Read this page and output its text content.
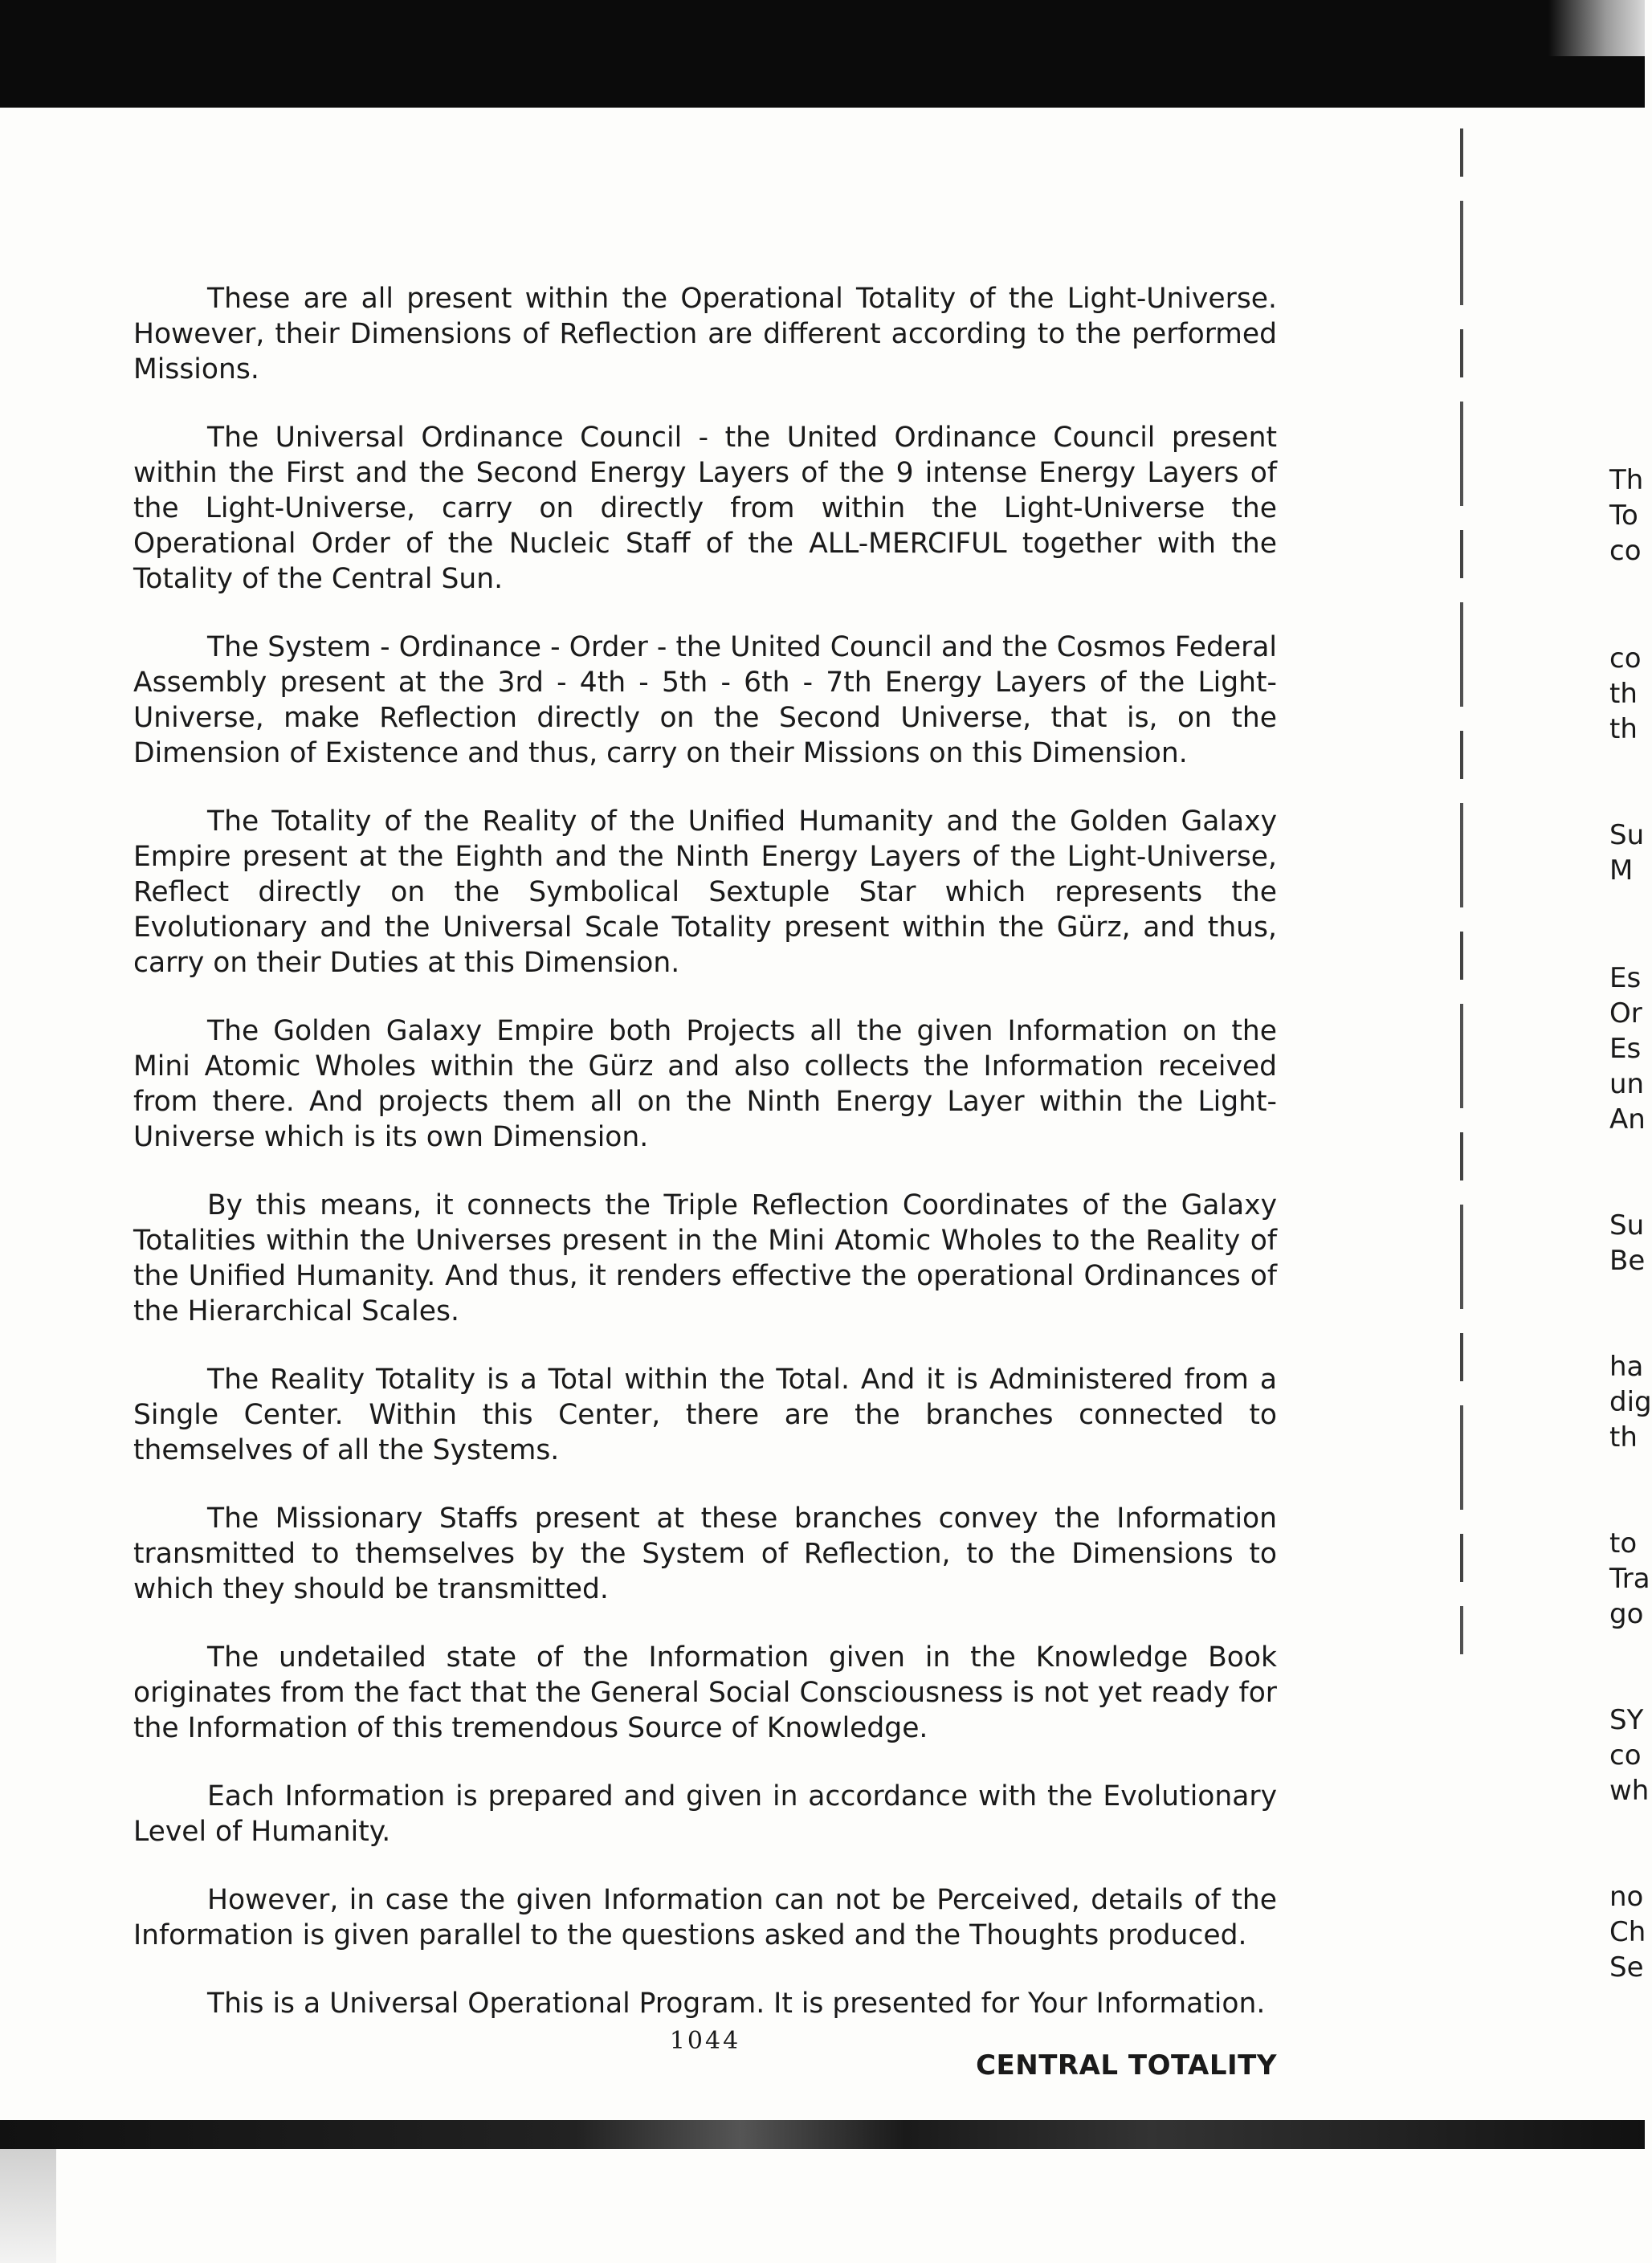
These are all present within the Operational Totality of the Light-Universe. However, their Dimensions of Reflection are different according to the performed Missions.

The Universal Ordinance Council - the United Ordinance Council present within the First and the Second Energy Layers of the 9 intense Energy Layers of the Light-Universe, carry on directly from within the Light-Universe the Operational Order of the Nucleic Staff of the ALL-MERCIFUL together with the Totality of the Central Sun.

The System - Ordinance - Order - the United Council and the Cosmos Federal Assembly present at the 3rd - 4th - 5th - 6th - 7th Energy Layers of the Light-Universe, make Reflection directly on the Second Universe, that is, on the Dimension of Existence and thus, carry on their Missions on this Dimension.

The Totality of the Reality of the Unified Humanity and the Golden Galaxy Empire present at the Eighth and the Ninth Energy Layers of the Light-Universe, Reflect directly on the Symbolical Sextuple Star which represents the Evolutionary and the Universal Scale Totality present within the Gürz, and thus, carry on their Duties at this Dimension.

The Golden Galaxy Empire both Projects all the given Information on the Mini Atomic Wholes within the Gürz and also collects the Information received from there. And projects them all on the Ninth Energy Layer within the Light-Universe which is its own Dimension.

By this means, it connects the Triple Reflection Coordinates of the Galaxy Totalities within the Universes present in the Mini Atomic Wholes to the Reality of the Unified Humanity. And thus, it renders effective the operational Ordinances of the Hierarchical Scales.

The Reality Totality is a Total within the Total. And it is Administered from a Single Center. Within this Center, there are the branches connected to themselves of all the Systems.

The Missionary Staffs present at these branches convey the Information transmitted to themselves by the System of Reflection, to the Dimensions to which they should be transmitted.

The undetailed state of the Information given in the Knowledge Book originates from the fact that the General Social Consciousness is not yet ready for the Information of this tremendous Source of Knowledge.

Each Information is prepared and given in accordance with the Evolutionary Level of Humanity.

However, in case the given Information can not be Perceived, details of the Information is given parallel to the questions asked and the Thoughts produced.

This is a Universal Operational Program. It is presented for Your Information.

CENTRAL TOTALITY
1044
Th
To
co
co
th
th
Su
M
Es
Or
Es
un
An
Su
Be
ha
dig
th
to
Tra
go
SY
co
wh
no
Ch
Se
